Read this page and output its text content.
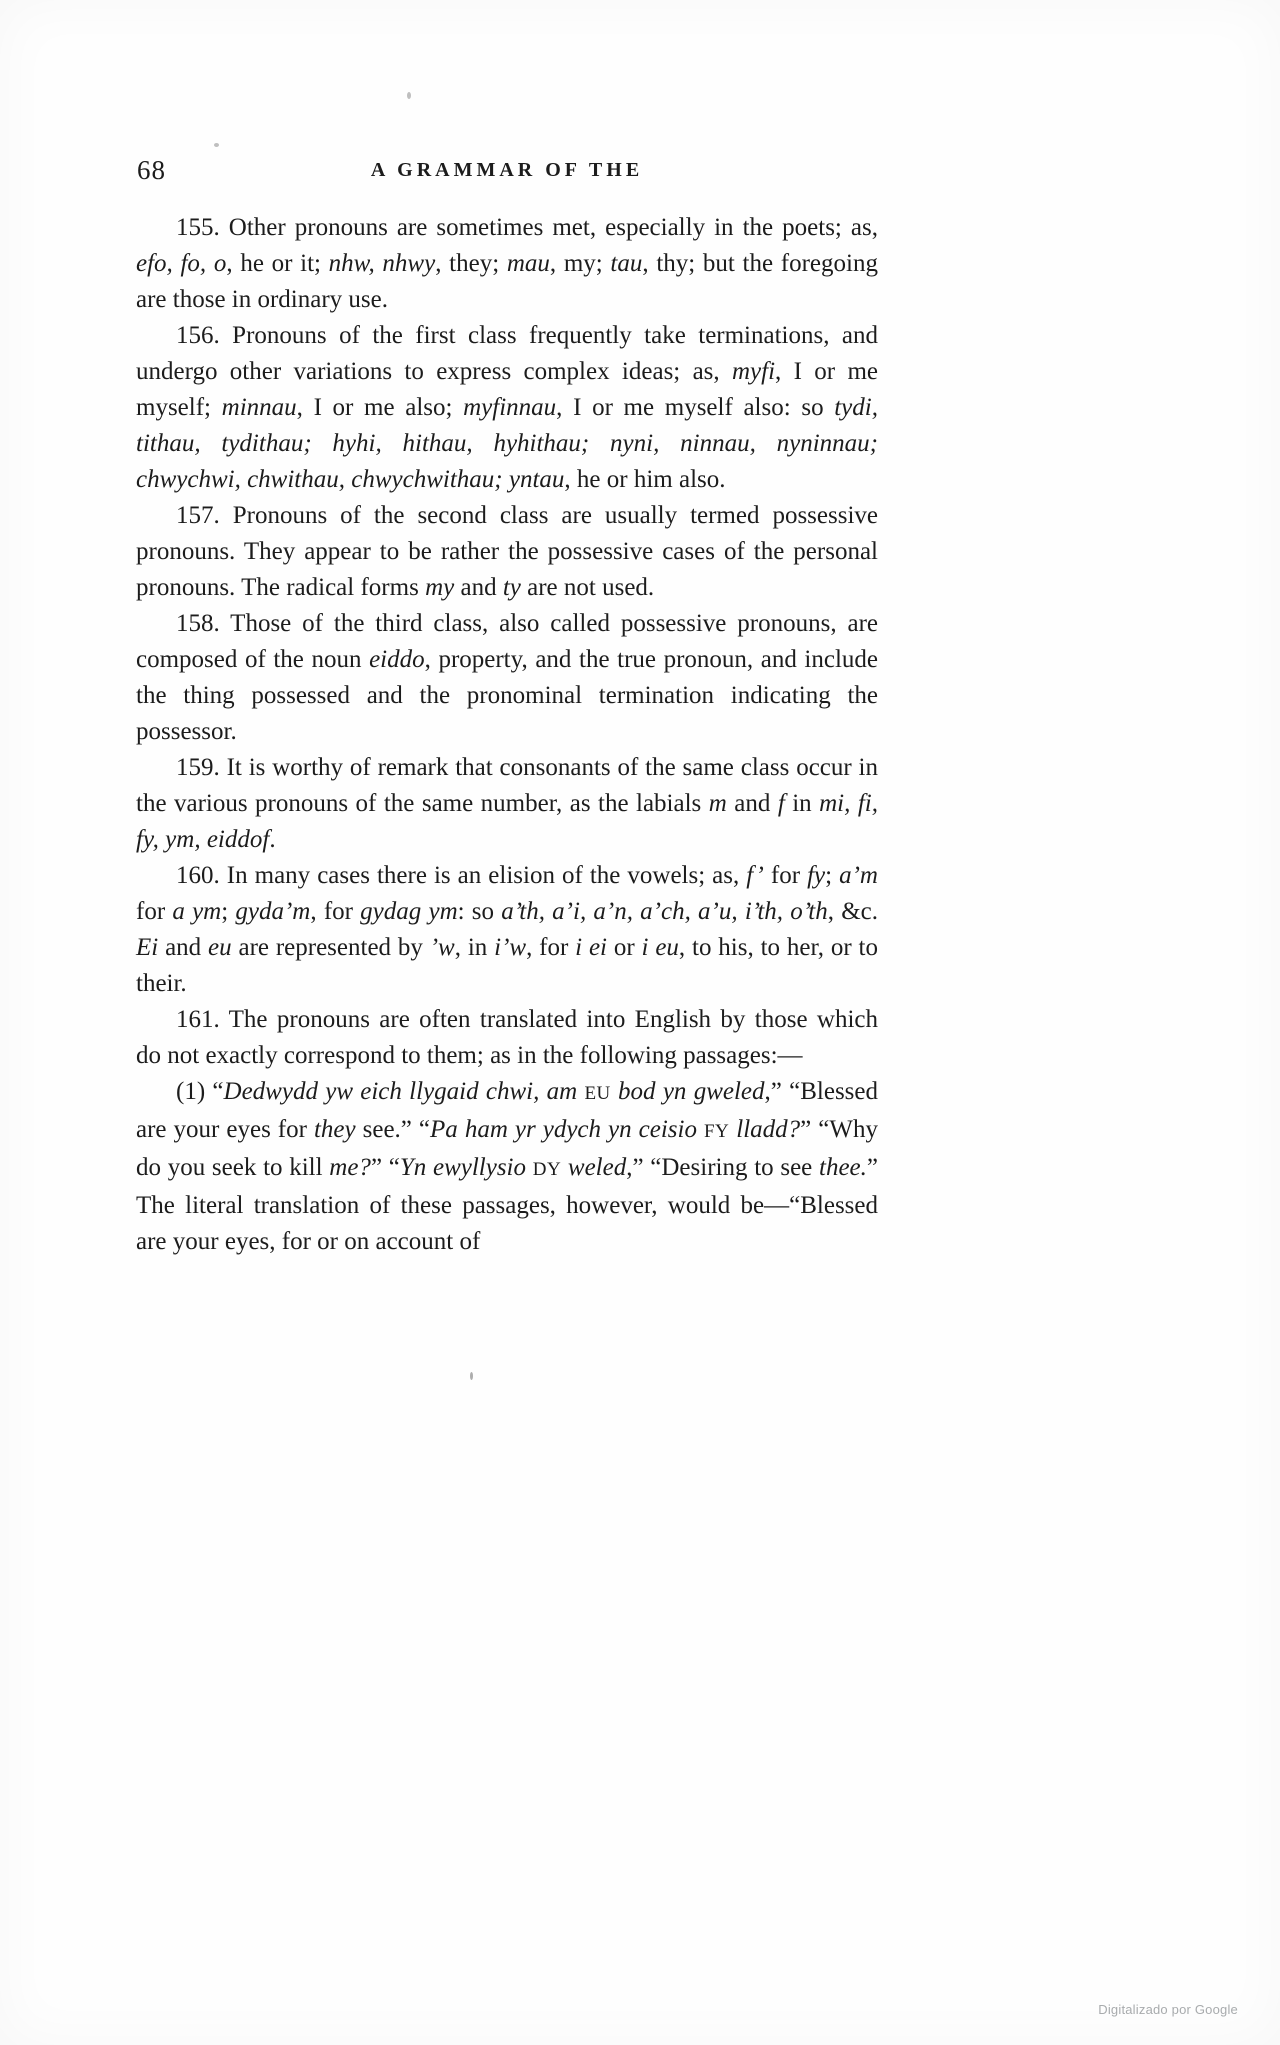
68	A GRAMMAR OF THE

155. Other pronouns are sometimes met, especially in the poets; as, efo, fo, o, he or it; nhw, nhwy, they; mau, my; tau, thy; but the foregoing are those in ordinary use.

156. Pronouns of the first class frequently take terminations, and undergo other variations to express complex ideas; as, myfi, I or me myself; minnau, I or me also; myfinnau, I or me myself also: so tydi, tithau, tydithau; hyhi, hithau, hyhithau; nyni, ninnau, nyninnau; chwychwi, chwithau, chwychwithau; yntau, he or him also.

157. Pronouns of the second class are usually termed possessive pronouns. They appear to be rather the possessive cases of the personal pronouns. The radical forms my and ty are not used.

158. Those of the third class, also called possessive pronouns, are composed of the noun eiddo, property, and the true pronoun, and include the thing possessed and the pronominal termination indicating the possessor.

159. It is worthy of remark that consonants of the same class occur in the various pronouns of the same number, as the labials m and f in mi, fi, fy, ym, eiddof.

160. In many cases there is an elision of the vowels; as, f’ for fy; a’m for a ym; gyda’m, for gydag ym: so a’th, a’i, a’n, a’ch, a’u, i’th, o’th, &c. Ei and eu are represented by ’w, in i’w, for i ei or i eu, to his, to her, or to their.

161. The pronouns are often translated into English by those which do not exactly correspond to them; as in the following passages:—

(1) “Dedwydd yw eich llygaid chwi, am EU bod yn gweled,” “Blessed are your eyes for they see.” “Pa ham yr ydych yn ceisio FY lladd?” “Why do you seek to kill me?” “Yn ewyllysio DY weled,” “Desiring to see thee.” The literal translation of these passages, however, would be—“Blessed are your eyes, for or on account of

Digitalizado por Google
